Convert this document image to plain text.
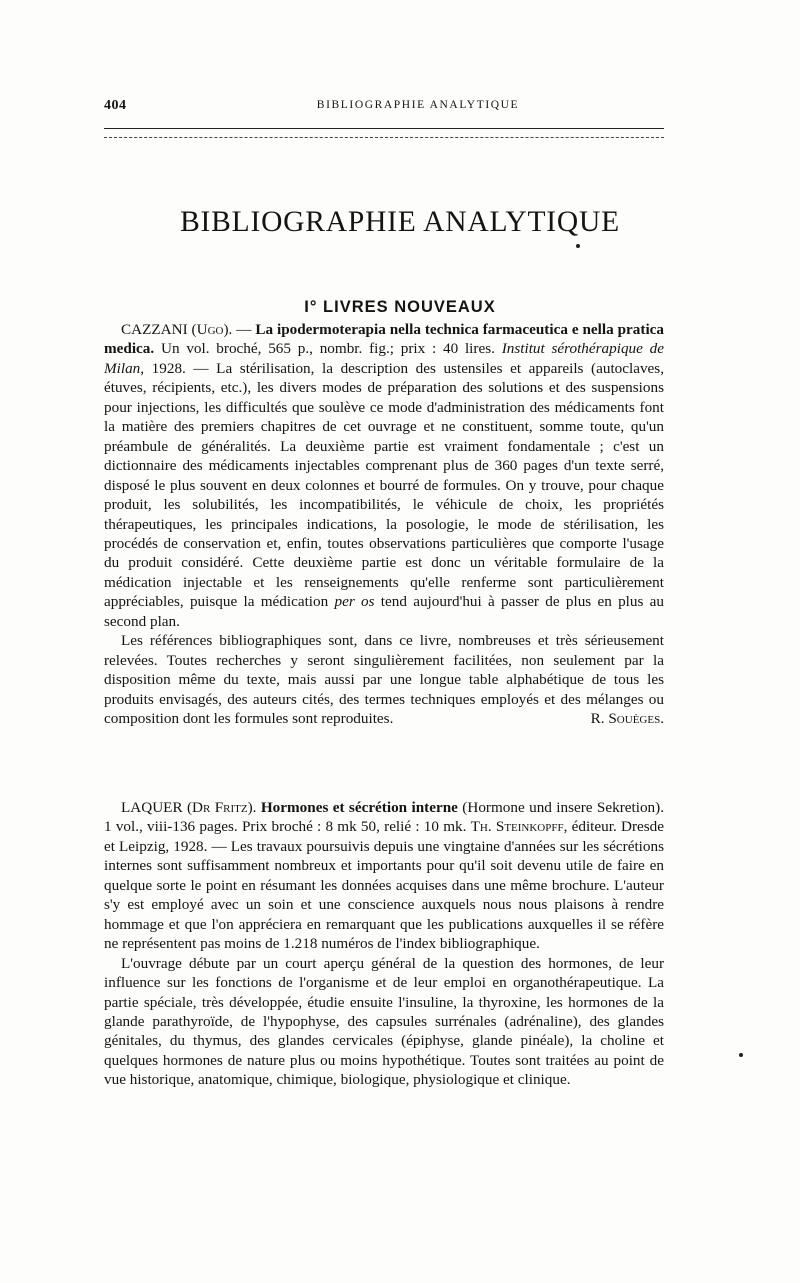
404	BIBLIOGRAPHIE ANALYTIQUE
BIBLIOGRAPHIE ANALYTIQUE
I° LIVRES NOUVEAUX

CAZZANI (Ugo). — La ipodermoterapia nella technica farmaceutica e nella pratica medica. Un vol. broché, 565 p., nombr. fig.; prix : 40 lires. Institut sérothérapique de Milan, 1928. — La stérilisation, la description des ustensiles et appareils (autoclaves, étuves, récipients, etc.), les divers modes de préparation des solutions et des suspensions pour injections, les difficultés que soulève ce mode d'administration des médicaments font la matière des premiers chapitres de cet ouvrage et ne constituent, somme toute, qu'un préambule de généralités. La deuxième partie est vraiment fondamentale ; c'est un dictionnaire des médicaments injectables comprenant plus de 360 pages d'un texte serré, disposé le plus souvent en deux colonnes et bourré de formules. On y trouve, pour chaque produit, les solubilités, les incompatibilités, le véhicule de choix, les propriétés thérapeutiques, les principales indications, la posologie, le mode de stérilisation, les procédés de conservation et, enfin, toutes observations particulières que comporte l'usage du produit considéré. Cette deuxième partie est donc un véritable formulaire de la médication injectable et les renseignements qu'elle renferme sont particulièrement appréciables, puisque la médication per os tend aujourd'hui à passer de plus en plus au second plan.

Les références bibliographiques sont, dans ce livre, nombreuses et très sérieusement relevées. Toutes recherches y seront singulièrement facilitées, non seulement par la disposition même du texte, mais aussi par une longue table alphabétique de tous les produits envisagés, des auteurs cités, des termes techniques employés et des mélanges ou composition dont les formules sont reproduites.	R. Souèges.

LAQUER (Dr Fritz). Hormones et sécrétion interne (Hormone und insere Sekretion). 1 vol., viii-136 pages. Prix broché : 8 mk 50, relié : 10 mk. Th. Steinkopff, éditeur. Dresde et Leipzig, 1928. — Les travaux poursuivis depuis une vingtaine d'années sur les sécrétions internes sont suffisamment nombreux et importants pour qu'il soit devenu utile de faire en quelque sorte le point en résumant les données acquises dans une même brochure. L'auteur s'y est employé avec un soin et une conscience auxquels nous nous plaisons à rendre hommage et que l'on appréciera en remarquant que les publications auxquelles il se réfère ne représentent pas moins de 1.218 numéros de l'index bibliographique.

L'ouvrage débute par un court aperçu général de la question des hormones, de leur influence sur les fonctions de l'organisme et de leur emploi en organothérapeutique. La partie spéciale, très développée, étudie ensuite l'insuline, la thyroxine, les hormones de la glande parathyroïde, de l'hypophyse, des capsules surrénales (adrénaline), des glandes génitales, du thymus, des glandes cervicales (épiphyse, glande pinéale), la choline et quelques hormones de nature plus ou moins hypothétique. Toutes sont traitées au point de vue historique, anatomique, chimique, biologique, physiologique et clinique.
